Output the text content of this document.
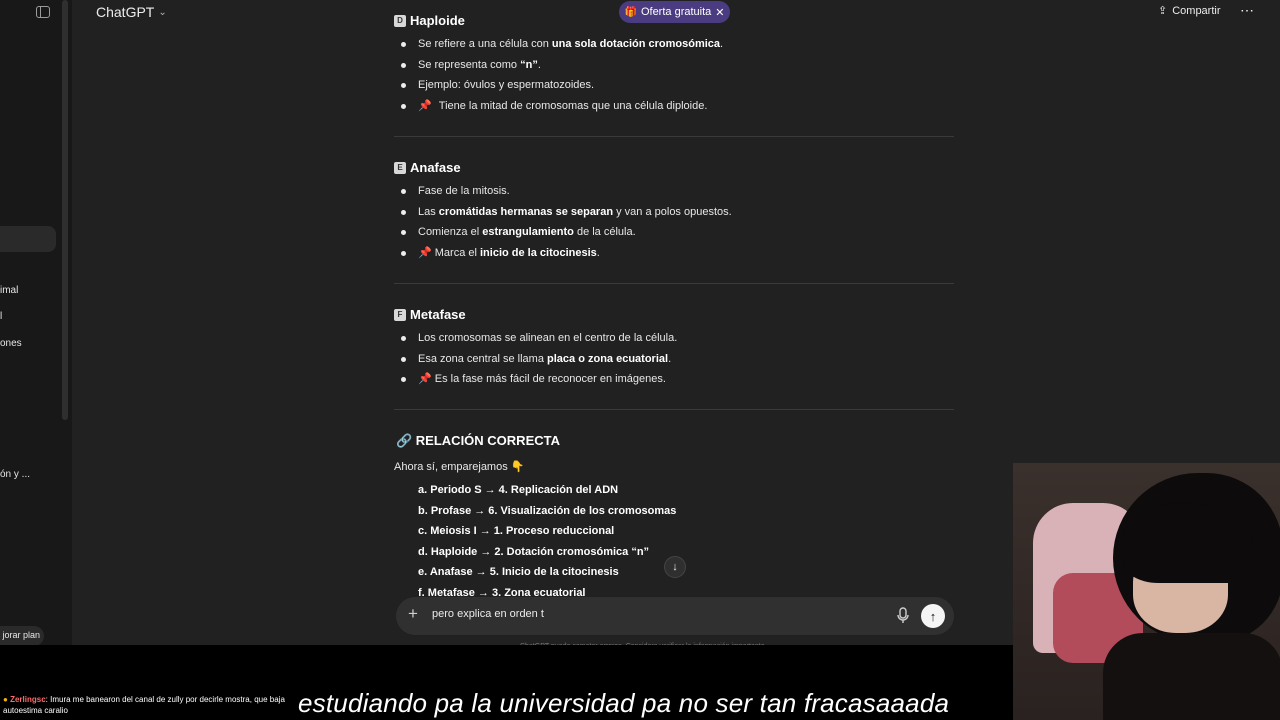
imal
l
ones
ón y ...
jorar plan
ChatGPT ⌄	🎁 Oferta gratuita ✕	⇪ Compartir ⋯
D Haploide
Se refiere a una célula con una sola dotación cromosómica.
Se representa como “n”.
Ejemplo: óvulos y espermatozoides.
📌 Tiene la mitad de cromosomas que una célula diploide.
E Anafase
Fase de la mitosis.
Las cromátidas hermanas se separan y van a polos opuestos.
Comienza el estrangulamiento de la célula.
📌 Marca el inicio de la citocinesis.
F Metafase
Los cromosomas se alinean en el centro de la célula.
Esa zona central se llama placa o zona ecuatorial.
📌 Es la fase más fácil de reconocer en imágenes.
🔗 RELACIÓN CORRECTA
Ahora sí, emparejamos 👇
a. Periodo S → 4. Replicación del ADN
b. Profase → 6. Visualización de los cromosomas
c. Meiosis I → 1. Proceso reduccional
d. Haploide → 2. Dotación cromosómica “n”
e. Anafase → 5. Inicio de la citocinesis
f. Metafase → 3. Zona ecuatorial
↓
+
pero explica en orden t	↑
● Zerlingsc: Imura me banearon del canal de zully por decirle mostra, que baja autoestima caralio	estudiando pa la universidad pa no ser tan fracasaaada
